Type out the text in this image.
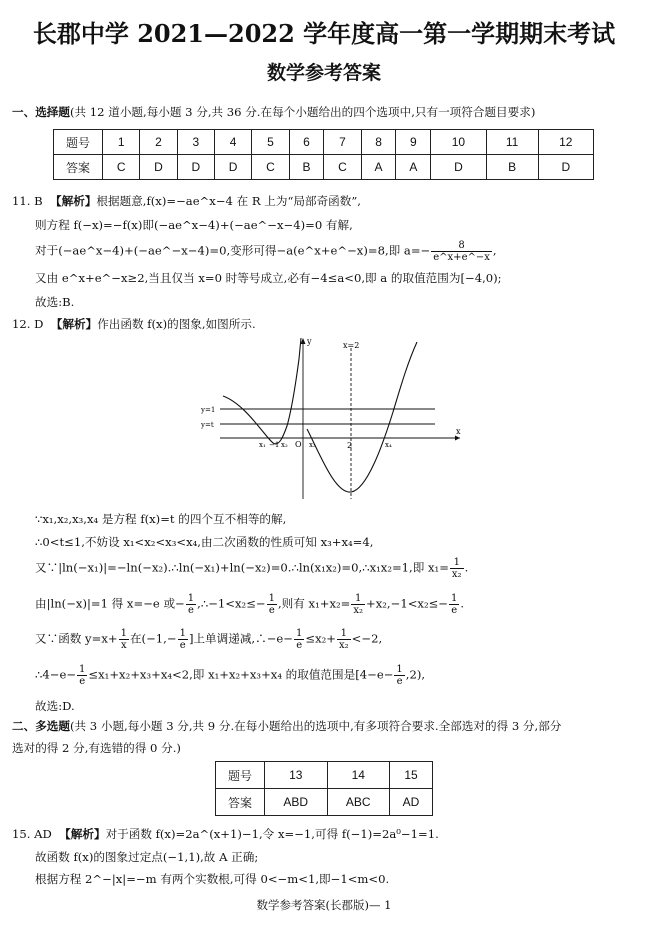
长郡中学 2021—2022 学年度高一第一学期期末考试
数学参考答案
一、选择题(共 12 道小题,每小题 3 分,共 36 分.在每个小题给出的四个选项中,只有一项符合题目要求)
题号	1	2	3	4	5	6	7	8	9	10	11	12
答案	C	D	D	D	C	B	C	A	A	D	B	D
11. B 【解析】根据题意,f(x)=−ae^x−4 在 R 上为“局部奇函数”,
则方程 f(−x)=−f(x)即(−ae^x−4)+(−ae^−x−4)=0 有解,
对于(−ae^x−4)+(−ae^−x−4)=0,变形可得−a(e^x+e^−x)=8,即 $a=- \frac{8}{e\^{}x+e\^{}-x}$ ,
又由 e^x+e^−x≥2,当且仅当 x=0 时等号成立,必有−4≤a<0,即 a 的取值范围为[−4,0);
故选:B.
12. D 【解析】作出函数 f(x)的图象,如图所示.
y
x
x=2
y=1
y=t
x₁ −1 x₂ O x₃	2	x₄
∵x₁,x₂,x₃,x₄ 是方程 f(x)=t 的四个互不相等的解,
∴0<t≤1,不妨设 x₁<x₂<x₃<x₄,由二次函数的性质可知 x₃+x₄=4,
又∵|ln(−x₁)|=−ln(−x₂).∴ln(−x₁)+ln(−x₂)=0.∴ln(x₁x₂)=0,∴x₁x₂=1,即 $x_1= \frac{1}{\text{x₂}}$ .
由|ln(−x)|=1 得 x=−e 或− $\frac{1}{e}$ ,∴−1<x₂≤− $\frac{1}{e}$ ,则有 $x_1+x_2= \frac{1}{\text{x₂}} +x_2,-1<x_2\le- \frac{1}{e}$ .
又∵函数 $y=x+ \frac{1}{x}$ 在($-1,- \frac{1}{e}$ ]上单调递减,∴−e− $\frac{1}{e} \le x_2+ \frac{1}{\text{x₂}} <-2$,
∴4−e− $\frac{1}{e} \le x_1+x_2+x_3+x_4<2$,即 x₁+x₂+x₃+x₄ 的取值范围是$[4-e- \frac{1}{e} ,2)$,
故选:D.
二、多选题(共 3 小题,每小题 3 分,共 9 分.在每小题给出的选项中,有多项符合要求.全部选对的得 3 分,部分
选对的得 2 分,有选错的得 0 分.)
题号	13	14	15
答案	ABD	ABC	AD
15. AD 【解析】对于函数 f(x)=2a^(x+1)−1,令 x=−1,可得 f(−1)=2a⁰−1=1.
故函数 f(x)的图象过定点(−1,1),故 A 正确;
根据方程 2^−|x|=−m 有两个实数根,可得 0<−m<1,即−1<m<0.
数学参考答案(长郡版)— 1
